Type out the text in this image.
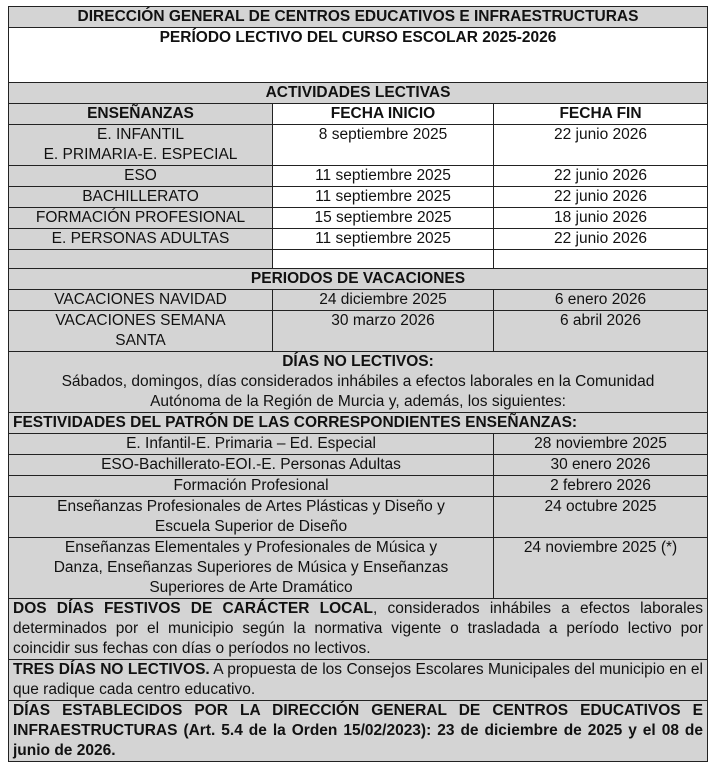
DIRECCIÓN GENERAL DE CENTROS EDUCATIVOS E INFRAESTRUCTURAS		
PERÍODO LECTIVO DEL CURSO ESCOLAR 2025-2026		
ACTIVIDADES LECTIVAS		
ENSEÑANZAS	FECHA INICIO	FECHA FIN

E. INFANTIL
E. PRIMARIA-E. ESPECIAL	8 septiembre 2025	22 junio 2026
ESO	11 septiembre 2025	22 junio 2026
BACHILLERATO	11 septiembre 2025	22 junio 2026
FORMACIÓN PROFESIONAL	15 septiembre 2025	18 junio 2026
E. PERSONAS ADULTAS	11 septiembre 2025	22 junio 2026

PERIODOS DE VACACIONES		
VACACIONES NAVIDAD	24 diciembre 2025	6 enero 2026

VACACIONES SEMANA
SANTA	30 marzo 2026	6 abril 2026

DÍAS NO LECTIVOS:
Sábados, domingos, días considerados inhábiles a efectos laborales en la Comunidad
Autónoma de la Región de Murcia y, además, los siguientes:		

FESTIVIDADES DEL PATRÓN DE LAS CORRESPONDIENTES ENSEÑANZAS:		
E. Infantil-E. Primaria – Ed. Especial		28 noviembre 2025
ESO-Bachillerato-EOI.-E. Personas Adultas		30 enero 2026
Formación Profesional		2 febrero 2026

Enseñanzas Profesionales de Artes Plásticas y Diseño y
Escuela Superior de Diseño		24 octubre 2025

Enseñanzas Elementales y Profesionales de Música y
Danza, Enseñanzas Superiores de Música y Enseñanzas
Superiores de Arte Dramático		24 noviembre 2025 (*)

DOS DÍAS FESTIVOS DE CARÁCTER LOCAL, considerados inhábiles a efectos laborales determinados por el municipio según la normativa vigente o trasladada a período lectivo por coincidir sus fechas con días o períodos no lectivos.		

TRES DÍAS NO LECTIVOS. A propuesta de los Consejos Escolares Municipales del municipio en el que radique cada centro educativo.		

DÍAS ESTABLECIDOS POR LA DIRECCIÓN GENERAL DE CENTROS EDUCATIVOS E INFRAESTRUCTURAS (Art. 5.4 de la Orden 15/02/2023): 23 de diciembre de 2025 y el 08 de junio de 2026.		
